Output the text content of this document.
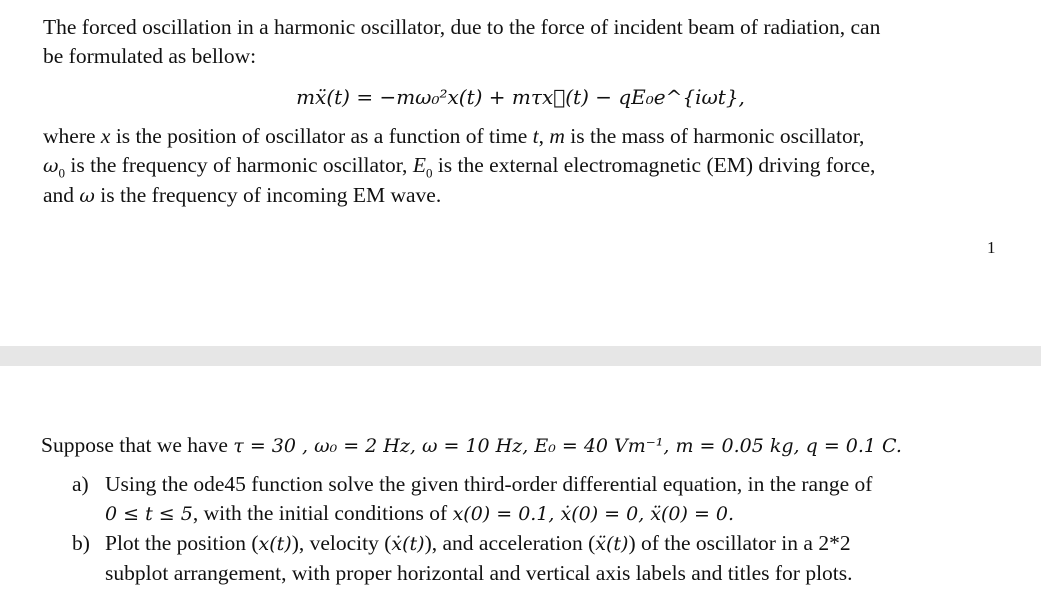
The forced oscillation in a harmonic oscillator, due to the force of incident beam of radiation, can
be formulated as bellow:

mẍ(t) = −mω₀²x(t) + mτx⃛(t) − qE₀e^{iωt},

where x is the position of oscillator as a function of time t, m is the mass of harmonic oscillator,
$\omega_0$ is the frequency of harmonic oscillator, $E_0$ is the external electromagnetic (EM) driving force,
and ω is the frequency of incoming EM wave.

1
Suppose that we have τ = 30 , ω₀ = 2 Hz, ω = 10 Hz, E₀ = 40 Vm⁻¹, m = 0.05 kg, q = 0.1 C.
a) Using the ode45 function solve the given third-order differential equation, in the range of
0 ≤ t ≤ 5, with the initial conditions of x(0) = 0.1, ẋ(0) = 0, ẍ(0) = 0.
b) Plot the position (x(t)), velocity (ẋ(t)), and acceleration (ẍ(t)) of the oscillator in a 2*2
subplot arrangement, with proper horizontal and vertical axis labels and titles for plots.
